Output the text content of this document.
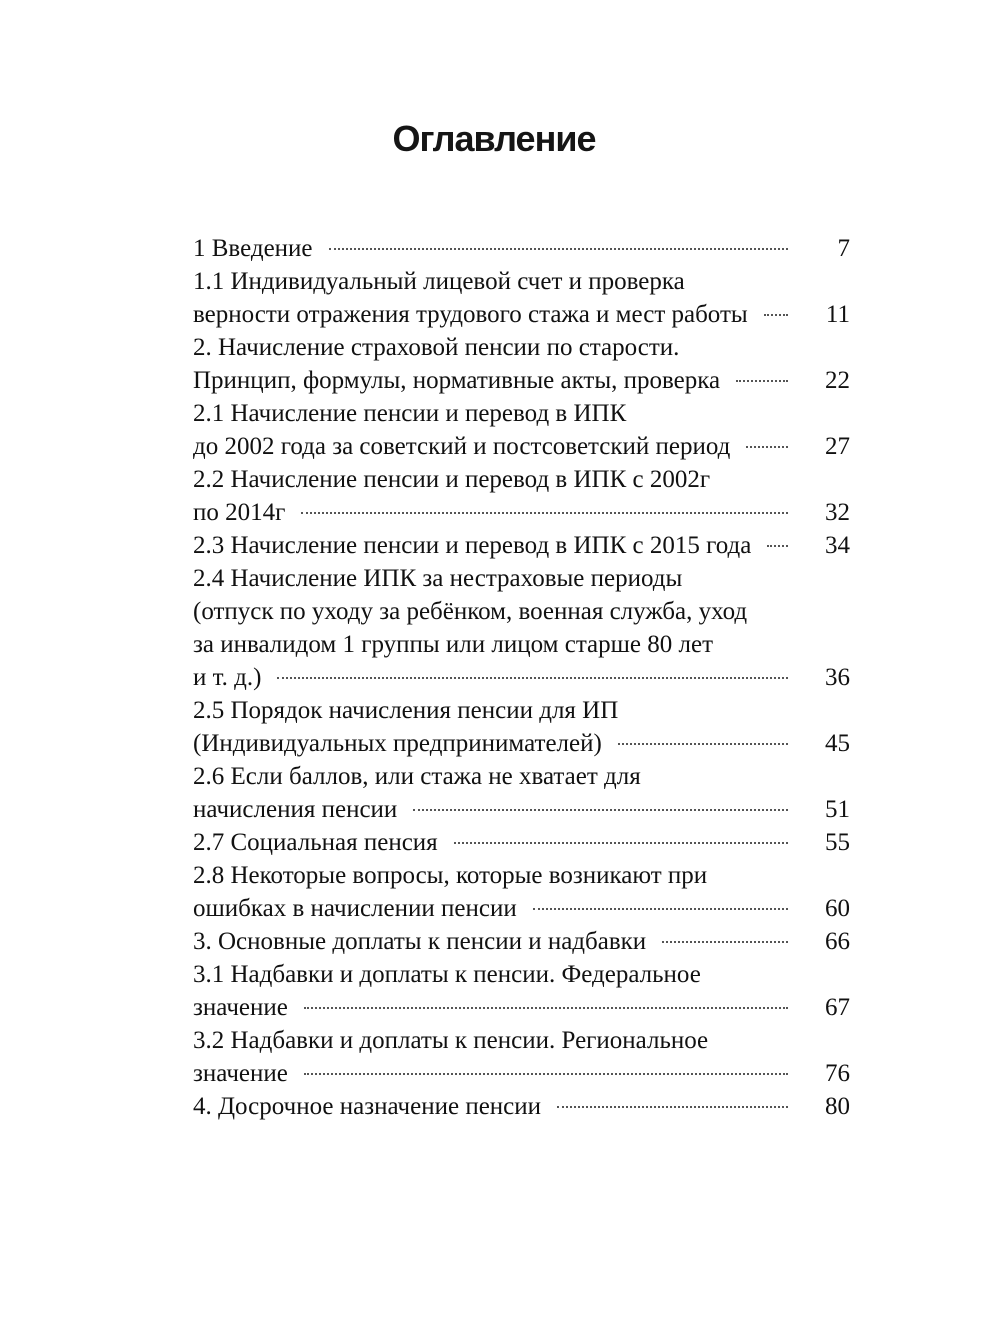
Оглавление
1 Введение	7
1.1 Индивидуальный лицевой счет и проверка
верности отражения трудового стажа и мест работы	11
2. Начисление страховой пенсии по старости.
Принцип, формулы, нормативные акты, проверка	22
2.1 Начисление пенсии и перевод в ИПК
до 2002 года за советский и постсоветский период	27
2.2 Начисление пенсии и перевод в ИПК с 2002г
по 2014г	32
2.3 Начисление пенсии и перевод в ИПК с 2015 года	34
2.4 Начисление ИПК за нестраховые периоды
(отпуск по уходу за ребёнком, военная служба, уход
за инвалидом 1 группы или лицом старше 80 лет
и т. д.)	36
2.5 Порядок начисления пенсии для ИП
(Индивидуальных предпринимателей)	45
2.6 Если баллов, или стажа не хватает для
начисления пенсии	51
2.7 Социальная пенсия	55
2.8 Некоторые вопросы, которые возникают при
ошибках в начислении пенсии	60
3. Основные доплаты к пенсии и надбавки	66
3.1 Надбавки и доплаты к пенсии. Федеральное
значение	67
3.2 Надбавки и доплаты к пенсии. Региональное
значение	76
4. Досрочное назначение пенсии	80
